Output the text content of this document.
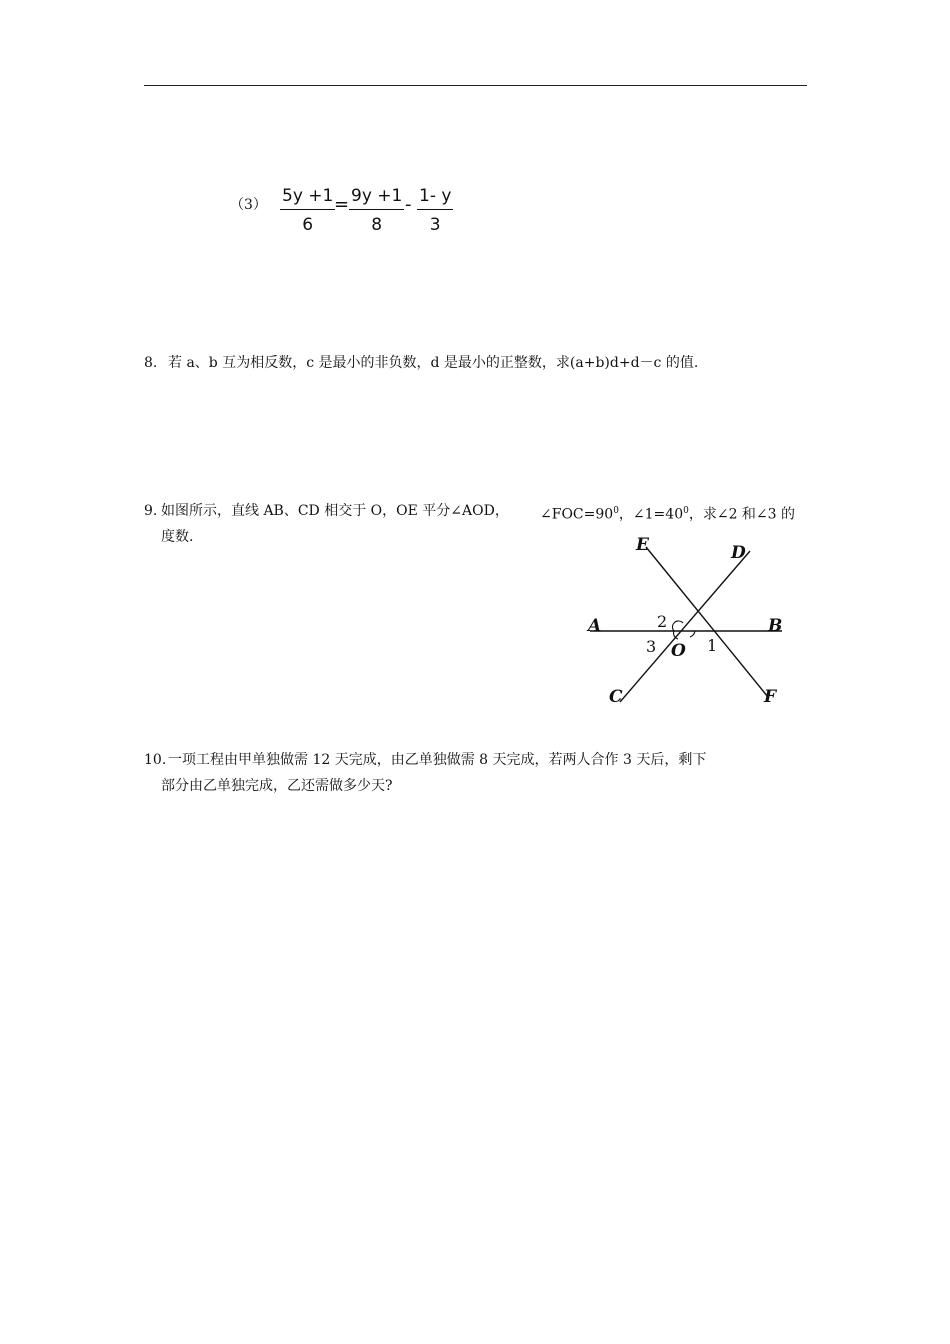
$(3) \frac{5y +1}{6}$
= $\frac{9y +1}{8} - \frac{1- y}{3}$
8. 若 a、b 互为相反数，c 是最小的非负数，d 是最小的正整数，求(a+b)d+d－c 的值.
9. 如图所示，直线 AB、CD 相交于 O，OE 平分∠AOD， $\angle FOC=90^0$，$\angle 1=40^0$，求∠2 和∠3 的
度数.	E	D
A	B
C	F
O 1
2
3
10. 一项工程由甲单独做需 12 天完成，由乙单独做需 8 天完成，若两人合作 3 天后，剩下
部分由乙单独完成，乙还需做多少天?
